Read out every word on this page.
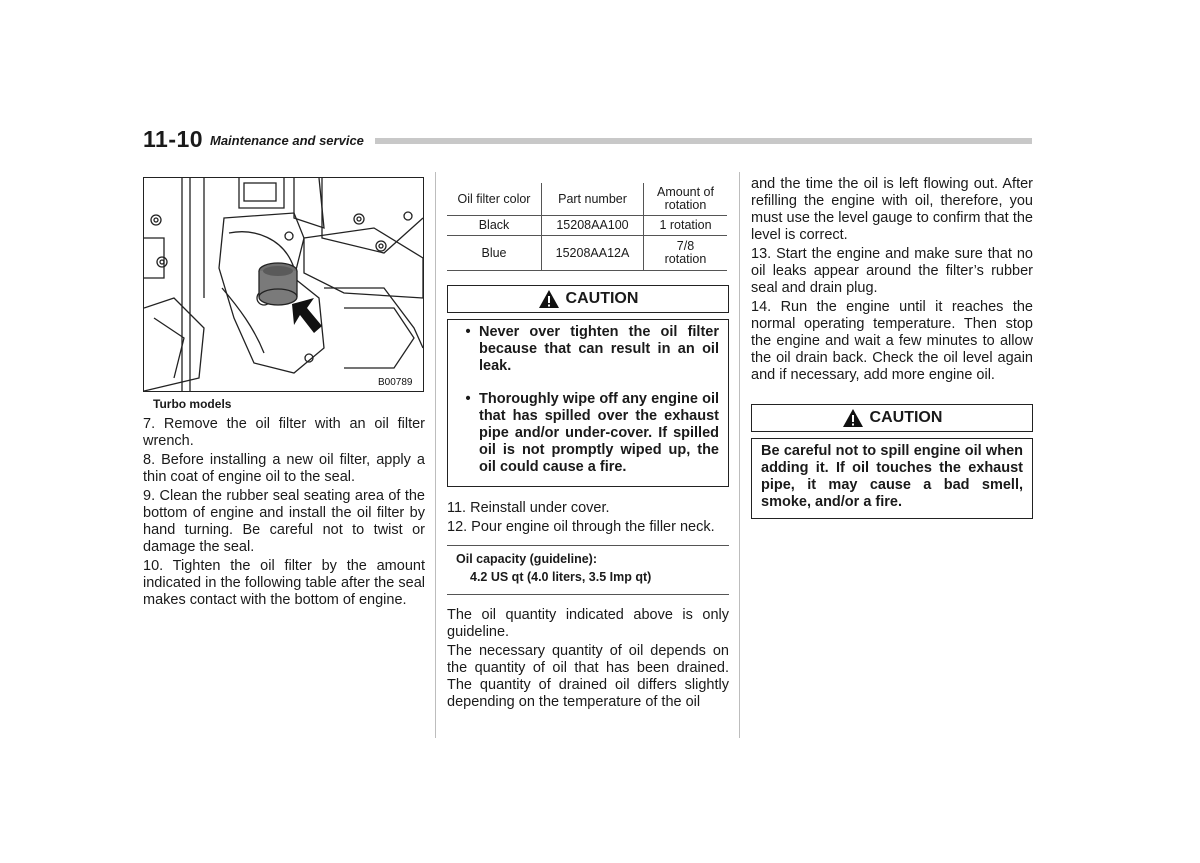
11-10 Maintenance and service
B00789
Turbo models

7. Remove the oil filter with an oil filter wrench.

8. Before installing a new oil filter, apply a thin coat of engine oil to the seal.

9. Clean the rubber seal seating area of the bottom of engine and install the oil filter by hand turning. Be careful not to twist or damage the seal.

10. Tighten the oil filter by the amount indicated in the following table after the seal makes contact with the bottom of engine.

Oil filter color	Part number	Amount of rotation
Black	15208AA100	1 rotation
Blue	15208AA12A	7/8 rotation
CAUTION
• Never over tighten the oil filter because that can result in an oil leak.
• Thoroughly wipe off any engine oil that has spilled over the exhaust pipe and/or under-cover. If spilled oil is not promptly wiped up, the oil could cause a fire.

11. Reinstall under cover.

12. Pour engine oil through the filler neck.

Oil capacity (guideline):
4.2 US qt (4.0 liters, 3.5 Imp qt)

The oil quantity indicated above is only guideline.

The necessary quantity of oil depends on the quantity of oil that has been drained. The quantity of drained oil differs slightly depending on the temperature of the oil

and the time the oil is left flowing out. After refilling the engine with oil, therefore, you must use the level gauge to confirm that the level is correct.

13. Start the engine and make sure that no oil leaks appear around the filter’s rubber seal and drain plug.

14. Run the engine until it reaches the normal operating temperature. Then stop the engine and wait a few minutes to allow the oil drain back. Check the oil level again and if necessary, add more engine oil.

CAUTION
Be careful not to spill engine oil when adding it. If oil touches the exhaust pipe, it may cause a bad smell, smoke, and/or a fire.
